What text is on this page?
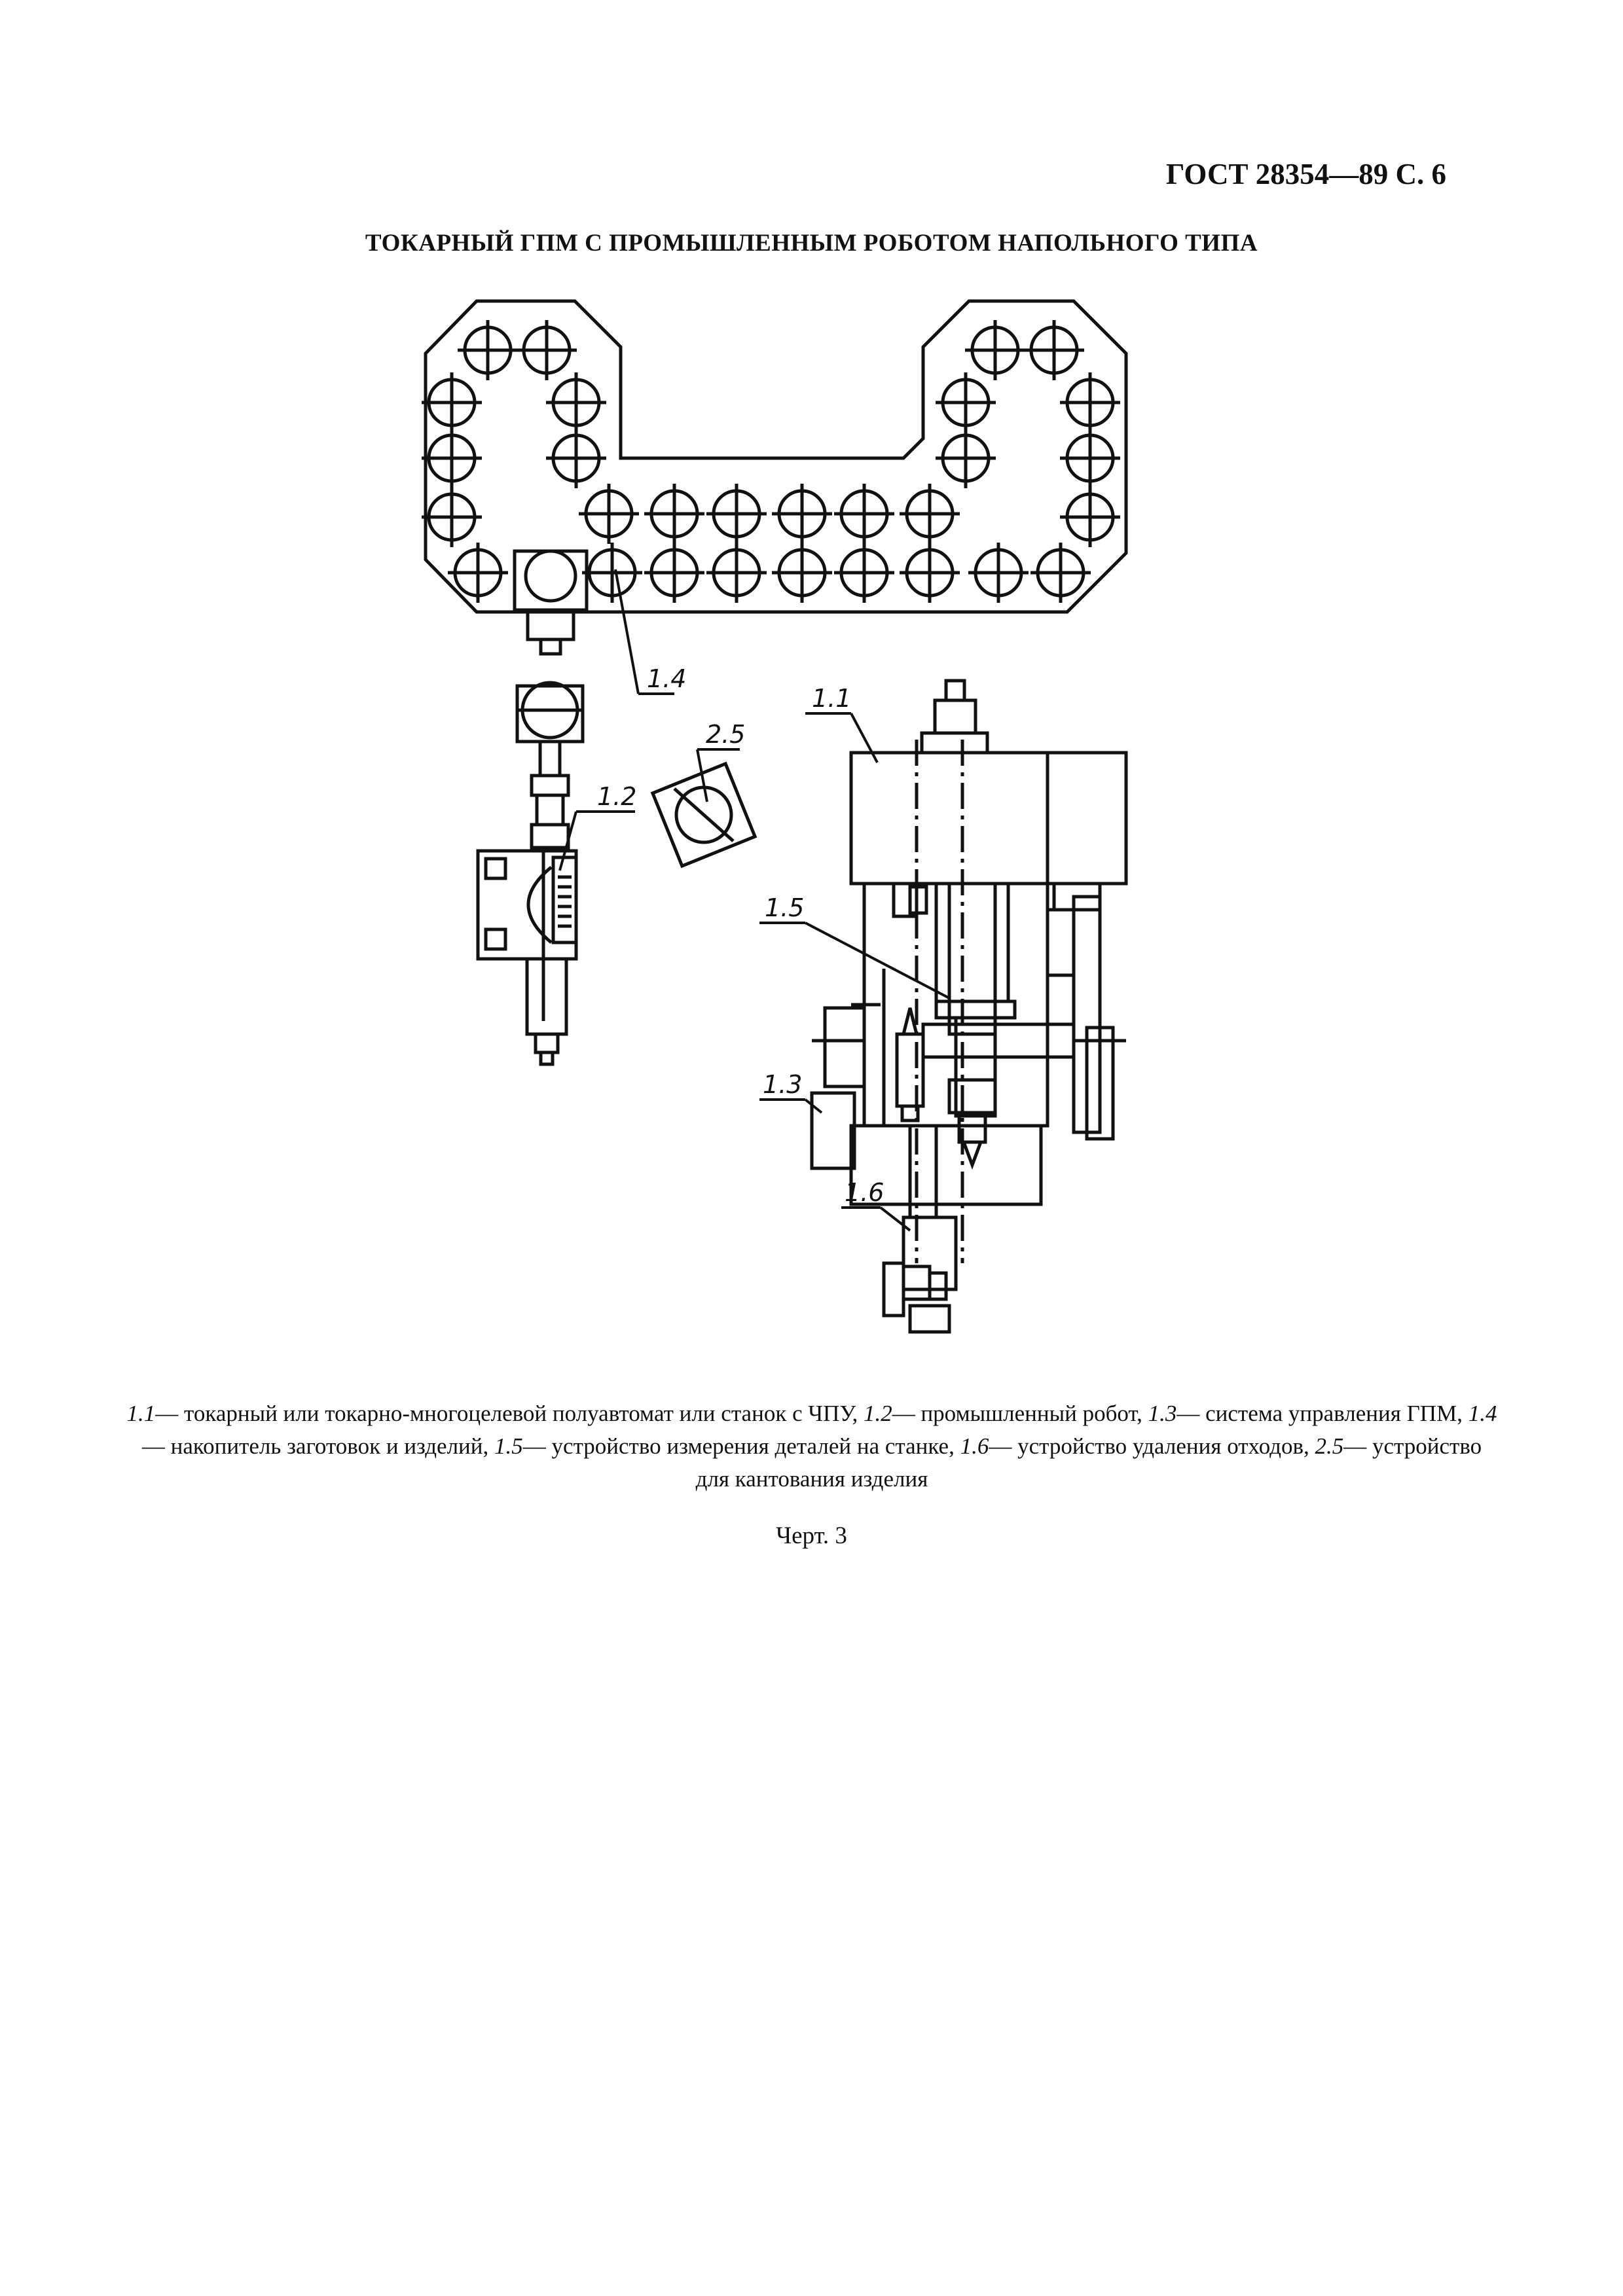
ГОСТ 28354—89 С. 6
ТОКАРНЫЙ ГПМ С ПРОМЫШЛЕННЫМ РОБОТОМ НАПОЛЬНОГО ТИПА
1.4
2.5
1.2
1.1
1.5
1.3
1.6
1.1— токарный или токарно-многоцелевой полуавтомат или станок с ЧПУ, 1.2— промышленный робот, 1.3— система управления ГПМ, 1.4— накопитель заготовок и изделий, 1.5— устройство измерения деталей на станке, 1.6— устройство удаления отходов, 2.5— устройство для кантования изделия
Черт. 3
